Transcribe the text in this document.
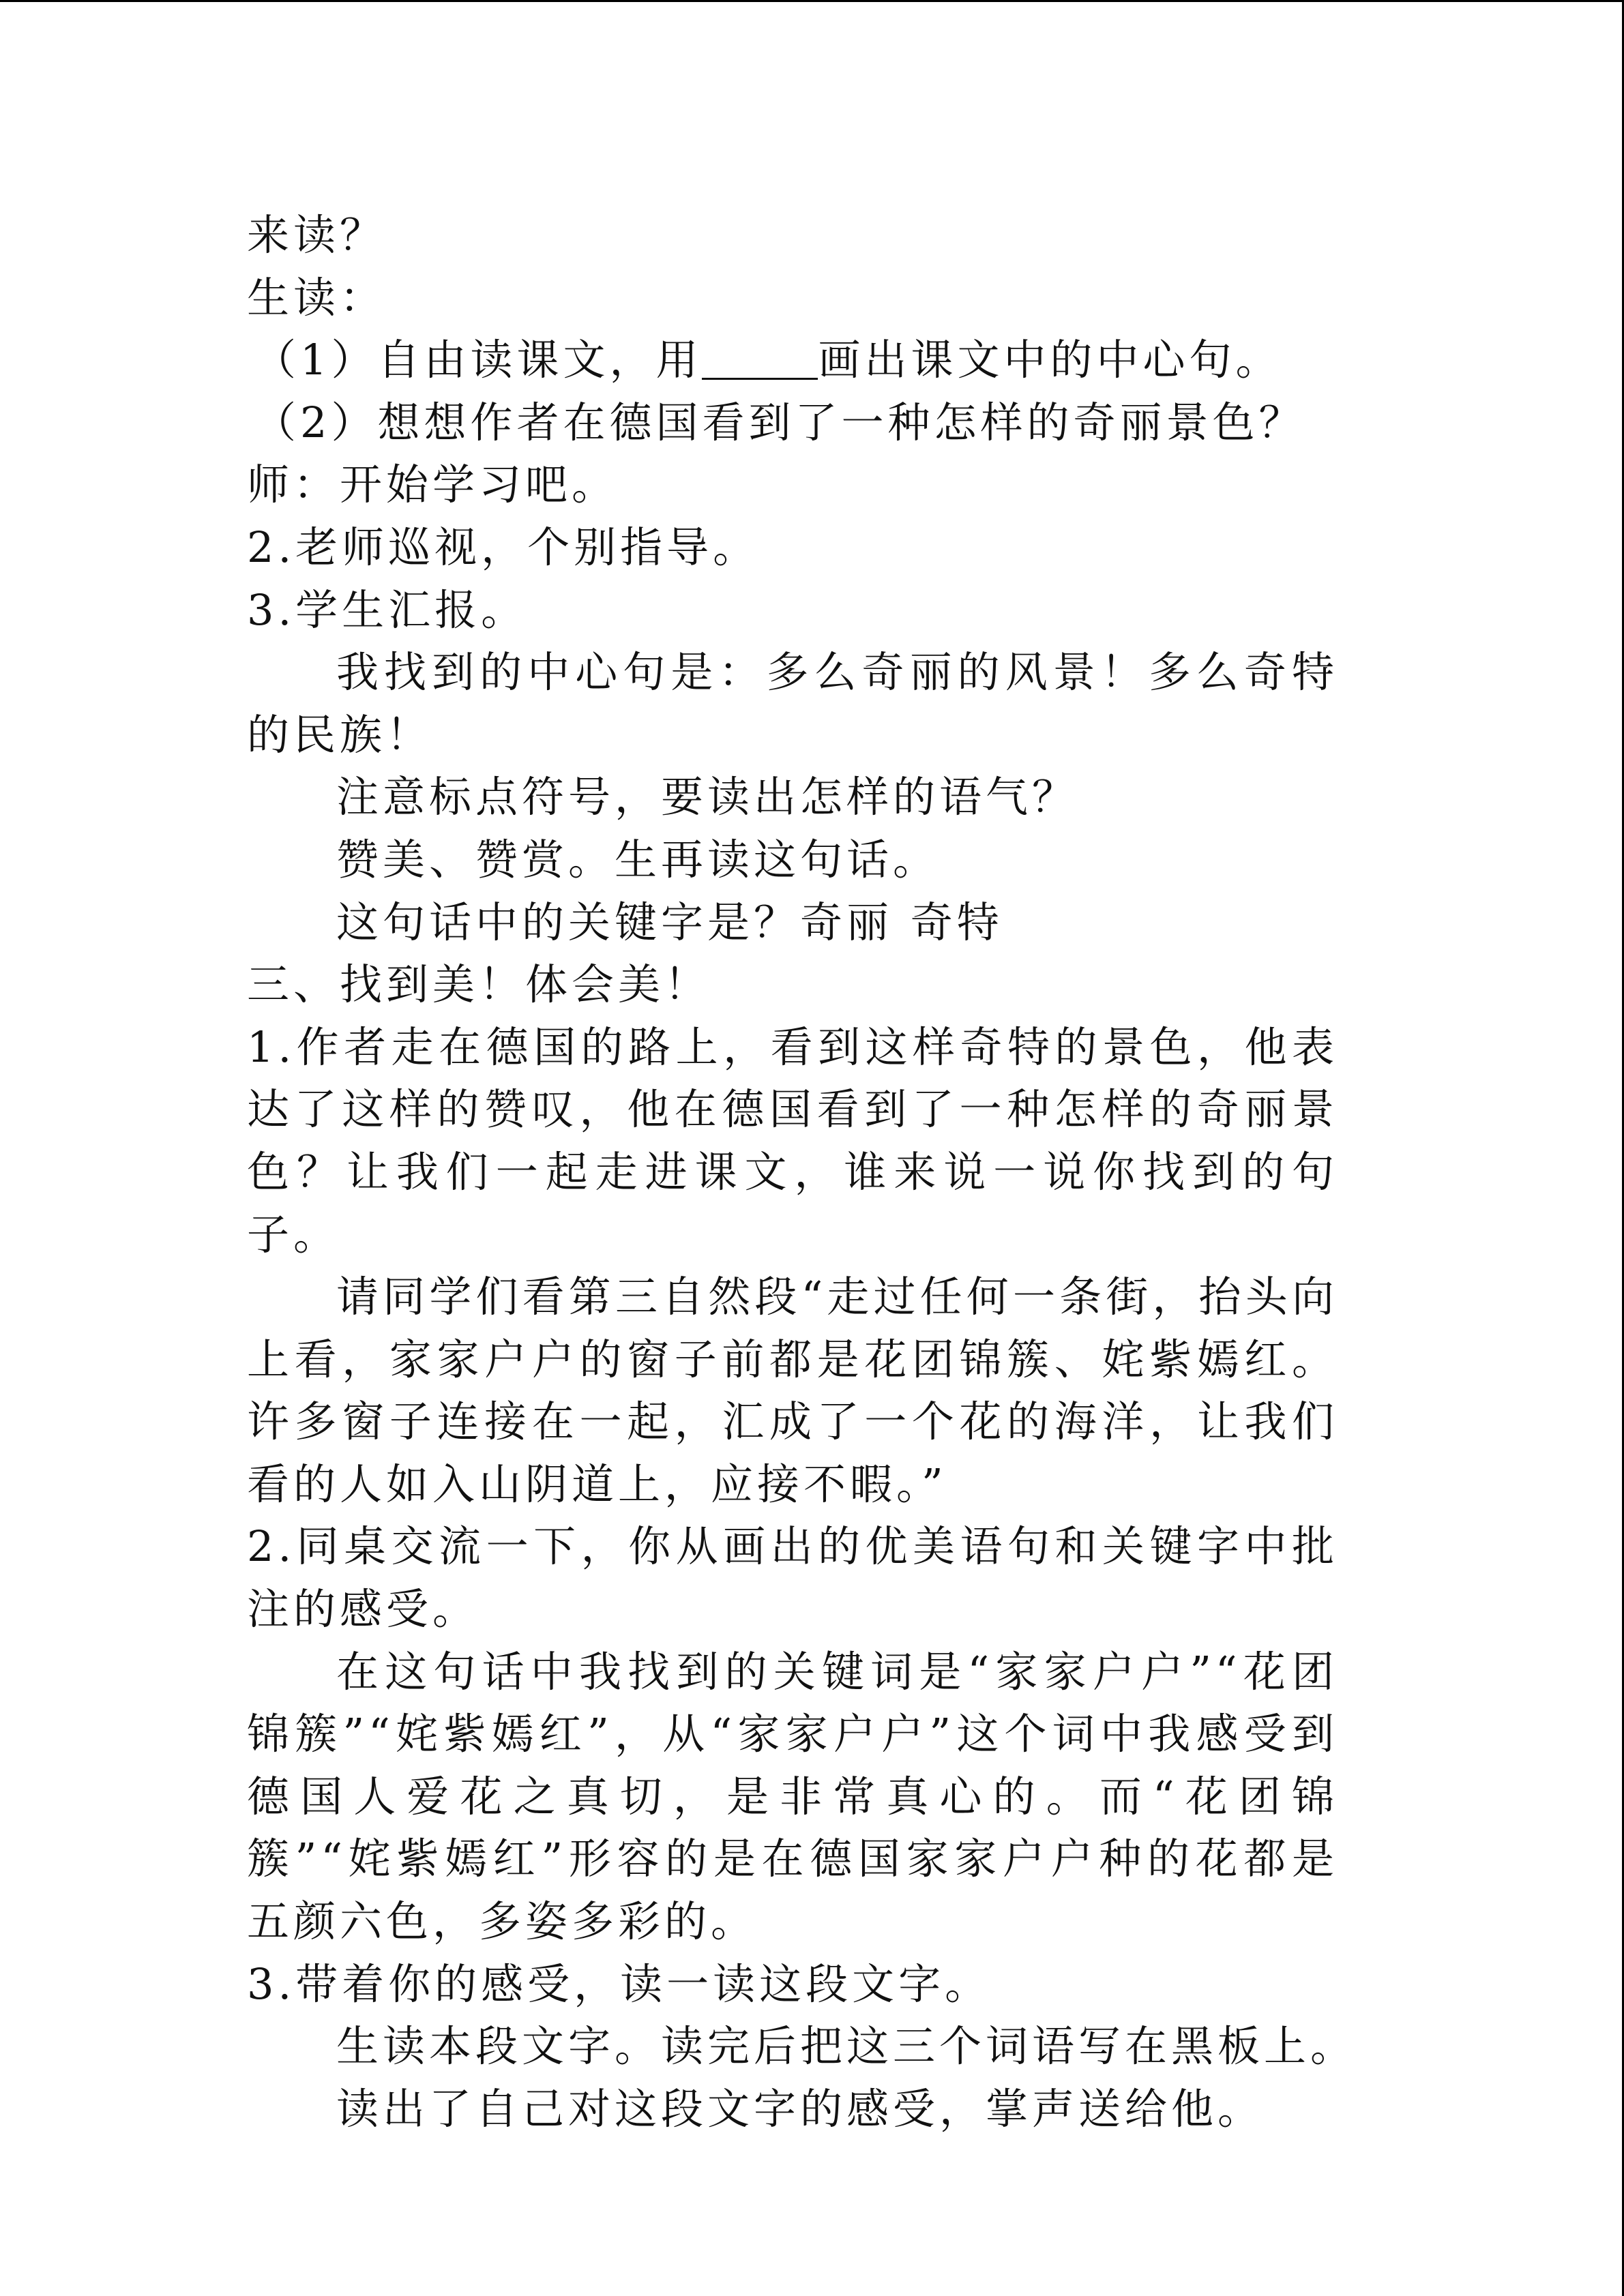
来读？
生读：
（1）自由读课文，用	画出课文中的中心句。
（2）想想作者在德国看到了一种怎样的奇丽景色？
师：开始学习吧。
2.老师巡视，个别指导。
3.学生汇报。
我找到的中心句是：多么奇丽的风景！多么奇特的民族！
注意标点符号，要读出怎样的语气？
赞美、赞赏。生再读这句话。
这句话中的关键字是？奇丽 奇特
三、找到美！体会美！
1.作者走在德国的路上，看到这样奇特的景色，他表达了这样的赞叹，他在德国看到了一种怎样的奇丽景色？让我们一起走进课文，谁来说一说你找到的句子。
请同学们看第三自然段“走过任何一条街，抬头向上看，家家户户的窗子前都是花团锦簇、姹紫嫣红。许多窗子连接在一起，汇成了一个花的海洋，让我们看的人如入山阴道上，应接不暇。”
2.同桌交流一下，你从画出的优美语句和关键字中批注的感受。
在这句话中我找到的关键词是“家家户户”“花团锦簇”“姹紫嫣红”，从“家家户户”这个词中我感受到德国人爱花之真切，是非常真心的。而“花团锦簇”“姹紫嫣红”形容的是在德国家家户户种的花都是五颜六色，多姿多彩的。
3.带着你的感受，读一读这段文字。
生读本段文字。读完后把这三个词语写在黑板上。
读出了自己对这段文字的感受，掌声送给他。
